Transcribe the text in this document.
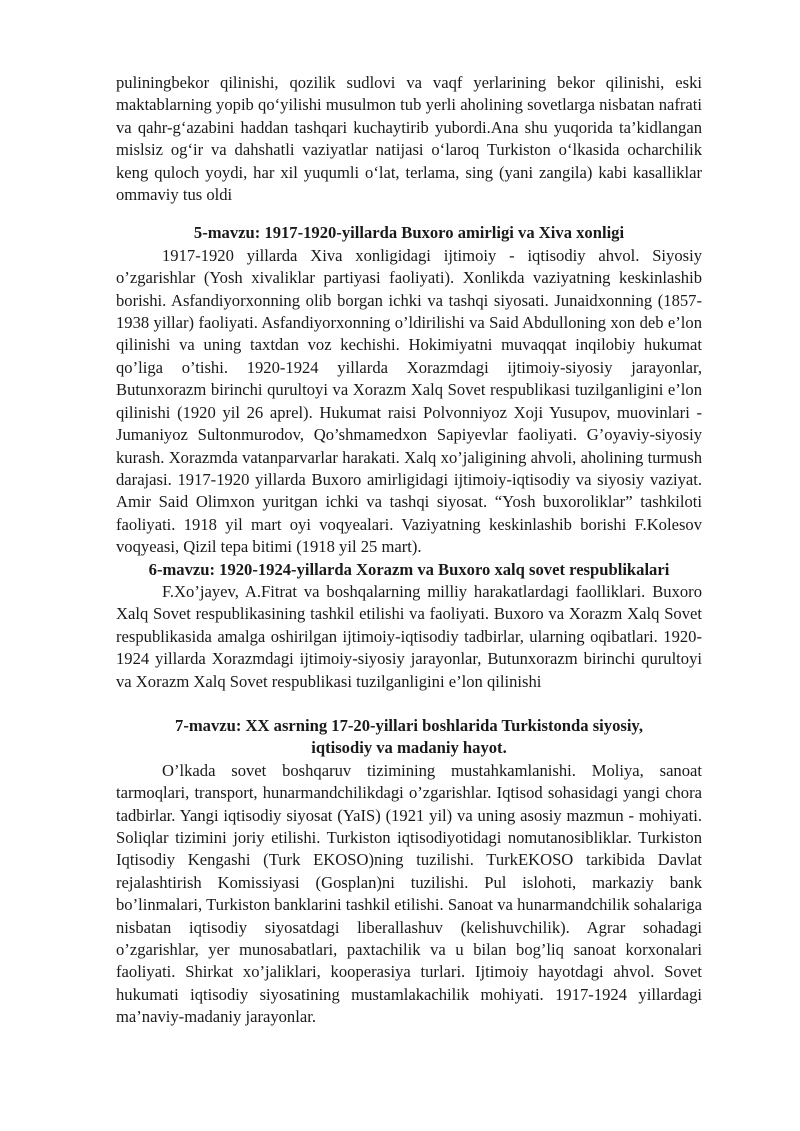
puliningbekor qilinishi, qozilik sudlovi va vaqf yerlarining bekor qilinishi, eski maktablarning yopib qo‘yilishi musulmon tub yerli aholining sovetlarga nisbatan nafrati va qahr-g‘azabini haddan tashqari kuchaytirib yubordi.Ana shu yuqorida ta’kidlangan mislsiz og‘ir va dahshatli vaziyatlar natijasi o‘laroq Turkiston o‘lkasida ocharchilik keng quloch yoydi, har xil yuqumli o‘lat, terlama, sing (yani zangila) kabi kasalliklar ommaviy tus oldi

5-mavzu: 1917-1920-yillarda Buxoro amirligi va Xiva xonligi

1917-1920 yillarda Xiva xonligidagi ijtimoiy - iqtisodiy ahvol. Siyosiy o’zgarishlar (Yosh xivaliklar partiyasi faoliyati). Xonlikda vaziyatning keskinlashib borishi. Asfandiyorxonning olib borgan ichki va tashqi siyosati. Junaidxonning (1857-1938 yillar) faoliyati. Asfandiyorxonning o’ldirilishi va Said Abdulloning xon deb e’lon qilinishi va uning taxtdan voz kechishi. Hokimiyatni muvaqqat inqilobiy hukumat qo’liga o’tishi. 1920-1924 yillarda Xorazmdagi ijtimoiy-siyosiy jarayonlar, Butunxorazm birinchi qurultoyi va Xorazm Xalq Sovet respublikasi tuzilganligini e’lon qilinishi (1920 yil 26 aprel). Hukumat raisi Polvonniyoz Xoji Yusupov, muovinlari - Jumaniyoz Sultonmurodov, Qo’shmamedxon Sapiyevlar faoliyati. G’oyaviy-siyosiy kurash. Xorazmda vatanparvarlar harakati. Xalq xo’jaligining ahvoli, aholining turmush darajasi. 1917-1920 yillarda Buxoro amirligidagi ijtimoiy-iqtisodiy va siyosiy vaziyat. Amir Said Olimxon yuritgan ichki va tashqi siyosat. “Yosh buxoroliklar” tashkiloti faoliyati. 1918 yil mart oyi voqyealari. Vaziyatning keskinlashib borishi F.Kolesov voqyeasi, Qizil tepa bitimi (1918 yil 25 mart).

6-mavzu: 1920-1924-yillarda Xorazm va Buxoro xalq sovet respublikalari

F.Xo’jayev, A.Fitrat va boshqalarning milliy harakatlardagi faolliklari. Buxoro Xalq Sovet respublikasining tashkil etilishi va faoliyati. Buxoro va Xorazm Xalq Sovet respublikasida amalga oshirilgan ijtimoiy-iqtisodiy tadbirlar, ularning oqibatlari. 1920-1924 yillarda Xorazmdagi ijtimoiy-siyosiy jarayonlar, Butunxorazm birinchi qurultoyi va Xorazm Xalq Sovet respublikasi tuzilganligini e’lon qilinishi

7-mavzu: XX asrning 17-20-yillari boshlarida Turkistonda siyosiy,
iqtisodiy va madaniy hayot.

O’lkada sovet boshqaruv tizimining mustahkamlanishi. Moliya, sanoat tarmoqlari, transport, hunarmandchilikdagi o’zgarishlar. Iqtisod sohasidagi yangi chora tadbirlar. Yangi iqtisodiy siyosat (YaIS) (1921 yil) va uning asosiy mazmun - mohiyati. Soliqlar tizimini joriy etilishi. Turkiston iqtisodiyotidagi nomutanosibliklar. Turkiston Iqtisodiy Kengashi (Turk EKOSO)ning tuzilishi. TurkEKOSO tarkibida Davlat rejalashtirish Komissiyasi (Gosplan)ni tuzilishi. Pul islohoti, markaziy bank bo’linmalari, Turkiston banklarini tashkil etilishi. Sanoat va hunarmandchilik sohalariga nisbatan iqtisodiy siyosatdagi liberallashuv (kelishuvchilik). Agrar sohadagi o’zgarishlar, yer munosabatlari, paxtachilik va u bilan bog’liq sanoat korxonalari faoliyati. Shirkat xo’jaliklari, kooperasiya turlari. Ijtimoiy hayotdagi ahvol. Sovet hukumati iqtisodiy siyosatining mustamlakachilik mohiyati. 1917-1924 yillardagi ma’naviy-madaniy jarayonlar.
